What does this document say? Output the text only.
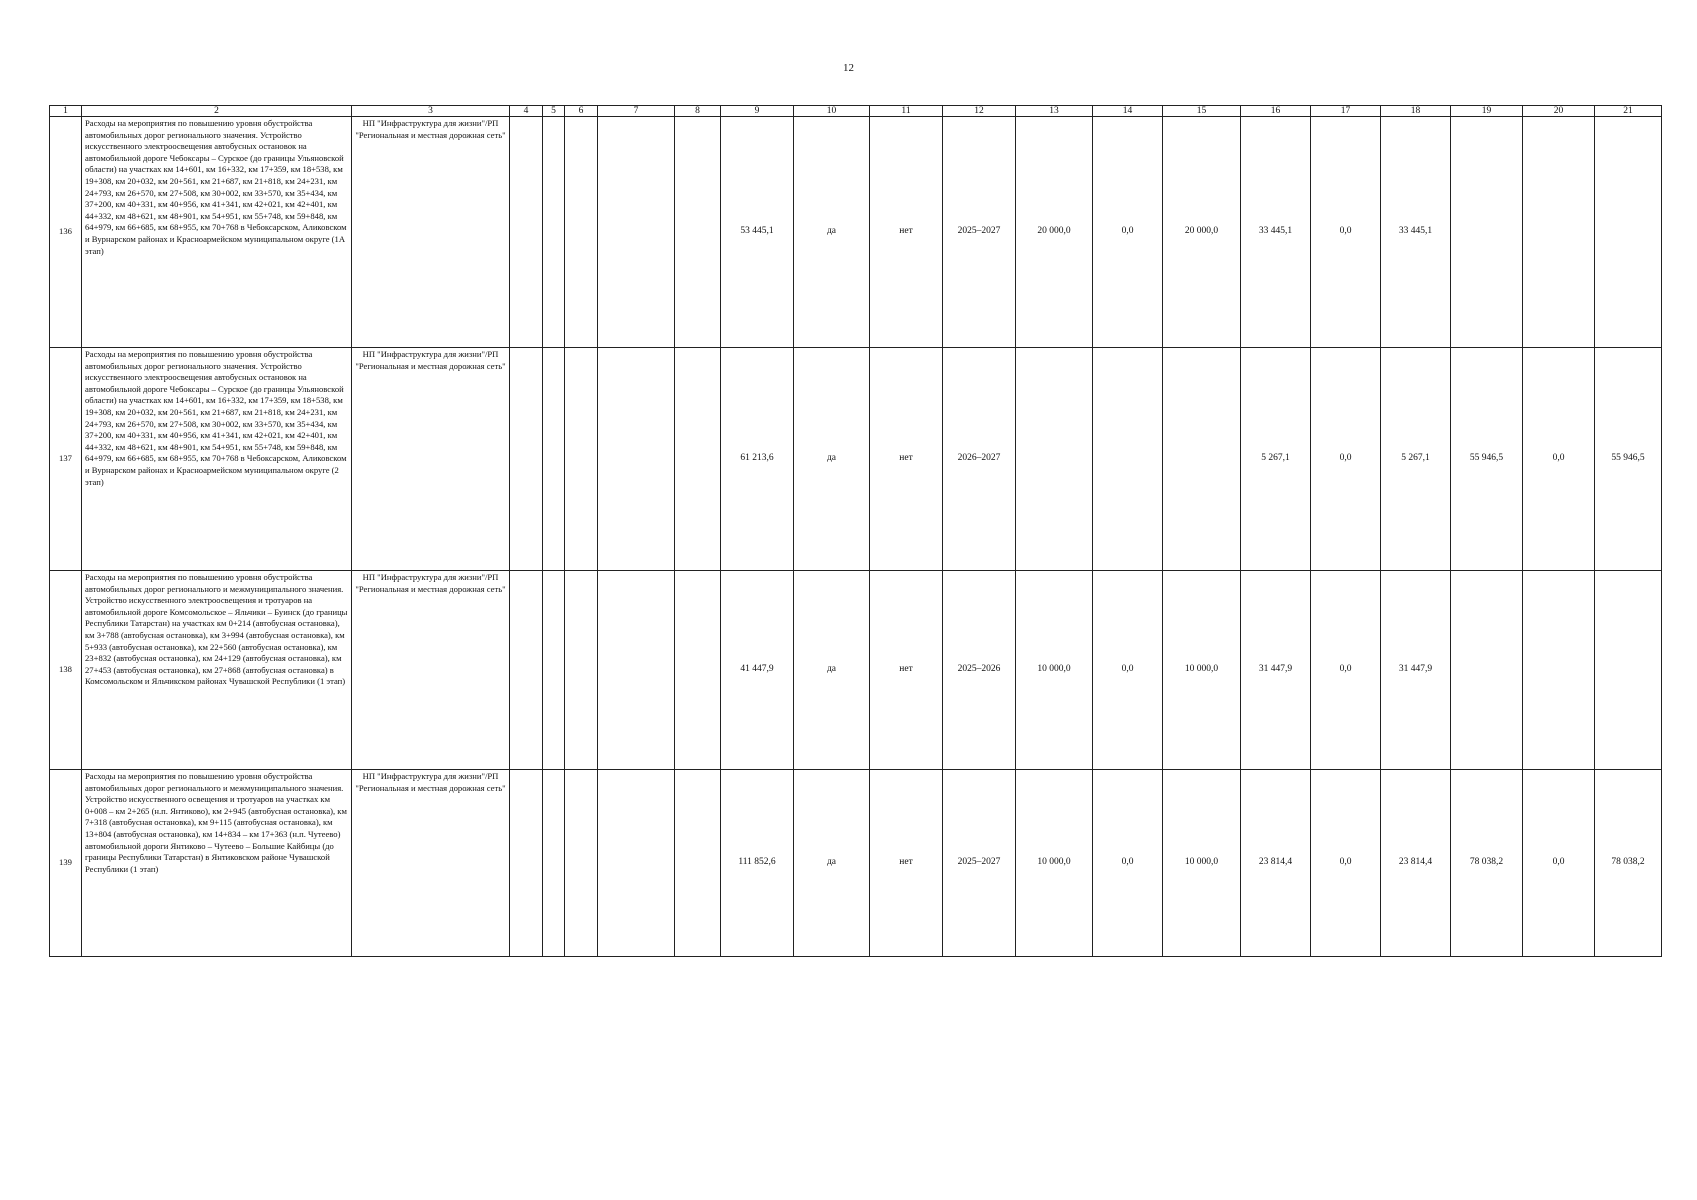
12
1	2	3	4	5	6	7	8	9	10	11	12	13	14	15	16	17	18	19	20	21
136	Расходы на мероприятия по повышению уровня обустройства автомобильных дорог регионального значения. Устройство искусственного электроосвещения автобусных остановок на автомобильной дороге Чебоксары – Сурское (до границы Ульяновской области) на участках км 14+601, км 16+332, км 17+359, км 18+538, км 19+308, км 20+032, км 20+561, км 21+687, км 21+818, км 24+231, км 24+793, км 26+570, км 27+508, км 30+002, км 33+570, км 35+434, км 37+200, км 40+331, км 40+956, км 41+341, км 42+021, км 42+401, км 44+332, км 48+621, км 48+901, км 54+951, км 55+748, км 59+848, км 64+979, км 66+685, км 68+955, км 70+768 в Чебоксарском, Аликовском и Вурнарском районах и Красноармейском муниципальном округе (1А этап)	НП "Инфраструктура для жизни"/РП "Региональная и местная дорожная сеть"						53 445,1	да	нет	2025–2027	20 000,0	0,0	20 000,0	33 445,1	0,0	33 445,1			
137	Расходы на мероприятия по повышению уровня обустройства автомобильных дорог регионального значения. Устройство искусственного электроосвещения автобусных остановок на автомобильной дороге Чебоксары – Сурское (до границы Ульяновской области) на участках км 14+601, км 16+332, км 17+359, км 18+538, км 19+308, км 20+032, км 20+561, км 21+687, км 21+818, км 24+231, км 24+793, км 26+570, км 27+508, км 30+002, км 33+570, км 35+434, км 37+200, км 40+331, км 40+956, км 41+341, км 42+021, км 42+401, км 44+332, км 48+621, км 48+901, км 54+951, км 55+748, км 59+848, км 64+979, км 66+685, км 68+955, км 70+768 в Чебоксарском, Аликовском и Вурнарском районах и Красноармейском муниципальном округе (2 этап)	НП "Инфраструктура для жизни"/РП "Региональная и местная дорожная сеть"						61 213,6	да	нет	2026–2027				5 267,1	0,0	5 267,1	55 946,5	0,0	55 946,5
138	Расходы на мероприятия по повышению уровня обустройства автомобильных дорог регионального и межмуниципального значения. Устройство искусственного электроосвещения и тротуаров на автомобильной дороге Комсомольское – Яльчики – Буинск (до границы Республики Татарстан) на участках км 0+214 (автобусная остановка), км 3+788 (автобусная остановка), км 3+994 (автобусная остановка), км 5+933 (автобусная остановка), км 22+560 (автобусная остановка), км 23+832 (автобусная остановка), км 24+129 (автобусная остановка), км 27+453 (автобусная остановка), км 27+868 (автобусная остановка) в Комсомольском и Яльчикском районах Чувашской Республики (1 этап)	НП "Инфраструктура для жизни"/РП "Региональная и местная дорожная сеть"						41 447,9	да	нет	2025–2026	10 000,0	0,0	10 000,0	31 447,9	0,0	31 447,9			
139	Расходы на мероприятия по повышению уровня обустройства автомобильных дорог регионального и межмуниципального значения. Устройство искусственного освещения и тротуаров на участках км 0+008 – км 2+265 (н.п. Янтиково), км 2+945 (автобусная остановка), км 7+318 (автобусная остановка), км 9+115 (автобусная остановка), км 13+804 (автобусная остановка), км 14+834 – км 17+363 (н.п. Чутеево) автомобильной дороги Янтиково – Чутеево – Большие Кайбицы (до границы Республики Татарстан) в Янтиковском районе Чувашской Республики (1 этап)	НП "Инфраструктура для жизни"/РП "Региональная и местная дорожная сеть"						111 852,6	да	нет	2025–2027	10 000,0	0,0	10 000,0	23 814,4	0,0	23 814,4	78 038,2	0,0	78 038,2
